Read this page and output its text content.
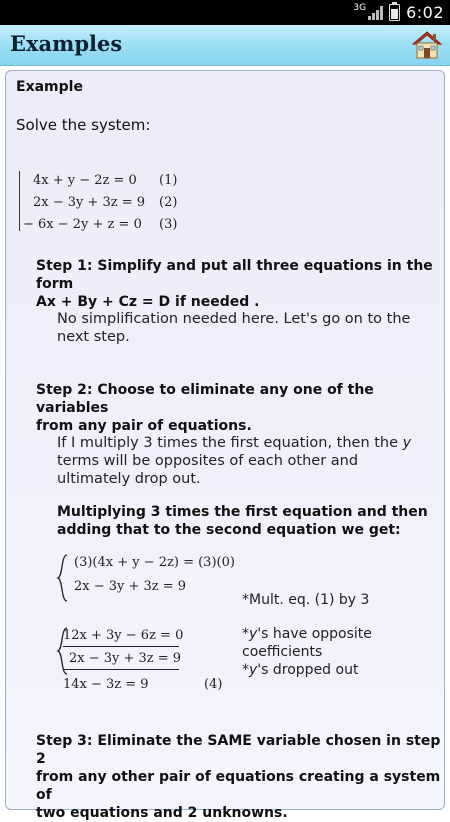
3G	6:02
Examples
Example
Solve the system:
4x + y − 2z = 0 (1)
2x − 3y + 3z = 9 (2)
− 6x − 2y + z = 0 (3)
Step 1: Simplify and put all three equations in the form
Ax + By + Cz = D if needed .
No simplification needed here. Let's go on to the
next step.
Step 2: Choose to eliminate any one of the variables
from any pair of equations.
If I multiply 3 times the first equation, then the y
terms will be opposites of each other and
ultimately drop out.
Multiplying 3 times the first equation and then
adding that to the second equation we get:
(3)(4x + y − 2z) = (3)(0)
2x − 3y + 3z = 9
*Mult. eq. (1) by 3
12x + 3y − 6z = 0
2x − 3y + 3z = 9
14x − 3z = 9	(4)
*y's have opposite
coefficients
*y's dropped out
Step 3: Eliminate the SAME variable chosen in step 2
from any other pair of equations creating a system of
two equations and 2 unknowns.
